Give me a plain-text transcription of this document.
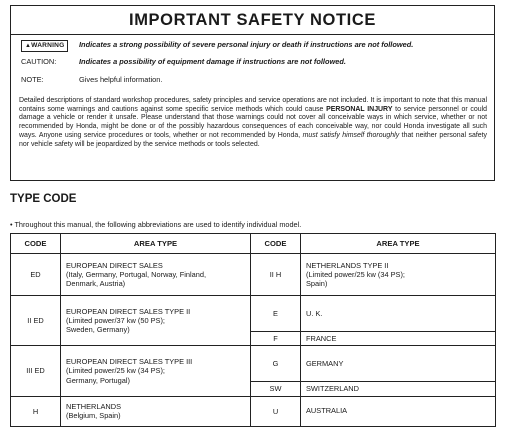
IMPORTANT SAFETY NOTICE
▲WARNING	Indicates a strong possibility of severe personal injury or death if instructions are not followed.
CAUTION:	Indicates a possibility of equipment damage if instructions are not followed.
NOTE:	Gives helpful information.
Detailed descriptions of standard workshop procedures, safety principles and service operations are not included. It is important to note that this manual contains some warnings and cautions against some specific service methods which could cause PERSONAL INJURY to service personnel or could damage a vehicle or render it unsafe. Please understand that those warnings could not cover all conceivable ways in which service, whether or not recommended by Honda, might be done or of the possibly hazardous consequences of each conceivable way, nor could Honda investigate all such ways. Anyone using service procedures or tools, whether or not recommended by Honda, must satisfy himself thoroughly that neither personal safety nor vehicle safety will be jeopardized by the service methods or tools selected.
TYPE CODE
• Throughout this manual, the following abbreviations are used to identify individual model.
CODE	AREA TYPE	CODE	AREA TYPE
ED	EUROPEAN DIRECT SALES
(Italy, Germany, Portugal, Norway, Finland,
Denmark, Austria)	II H	NETHERLANDS TYPE II
(Limited power/25 kw (34 PS);
Spain)
II ED	EUROPEAN DIRECT SALES TYPE II
(Limited power/37 kw (50 PS);
Sweden, Germany)	E	U. K.
		F	FRANCE
III ED	EUROPEAN DIRECT SALES TYPE III
(Limited power/25 kw (34 PS);
Germany, Portugal)	G	GERMANY
		SW	SWITZERLAND
H	NETHERLANDS
(Belgium, Spain)	U	AUSTRALIA
